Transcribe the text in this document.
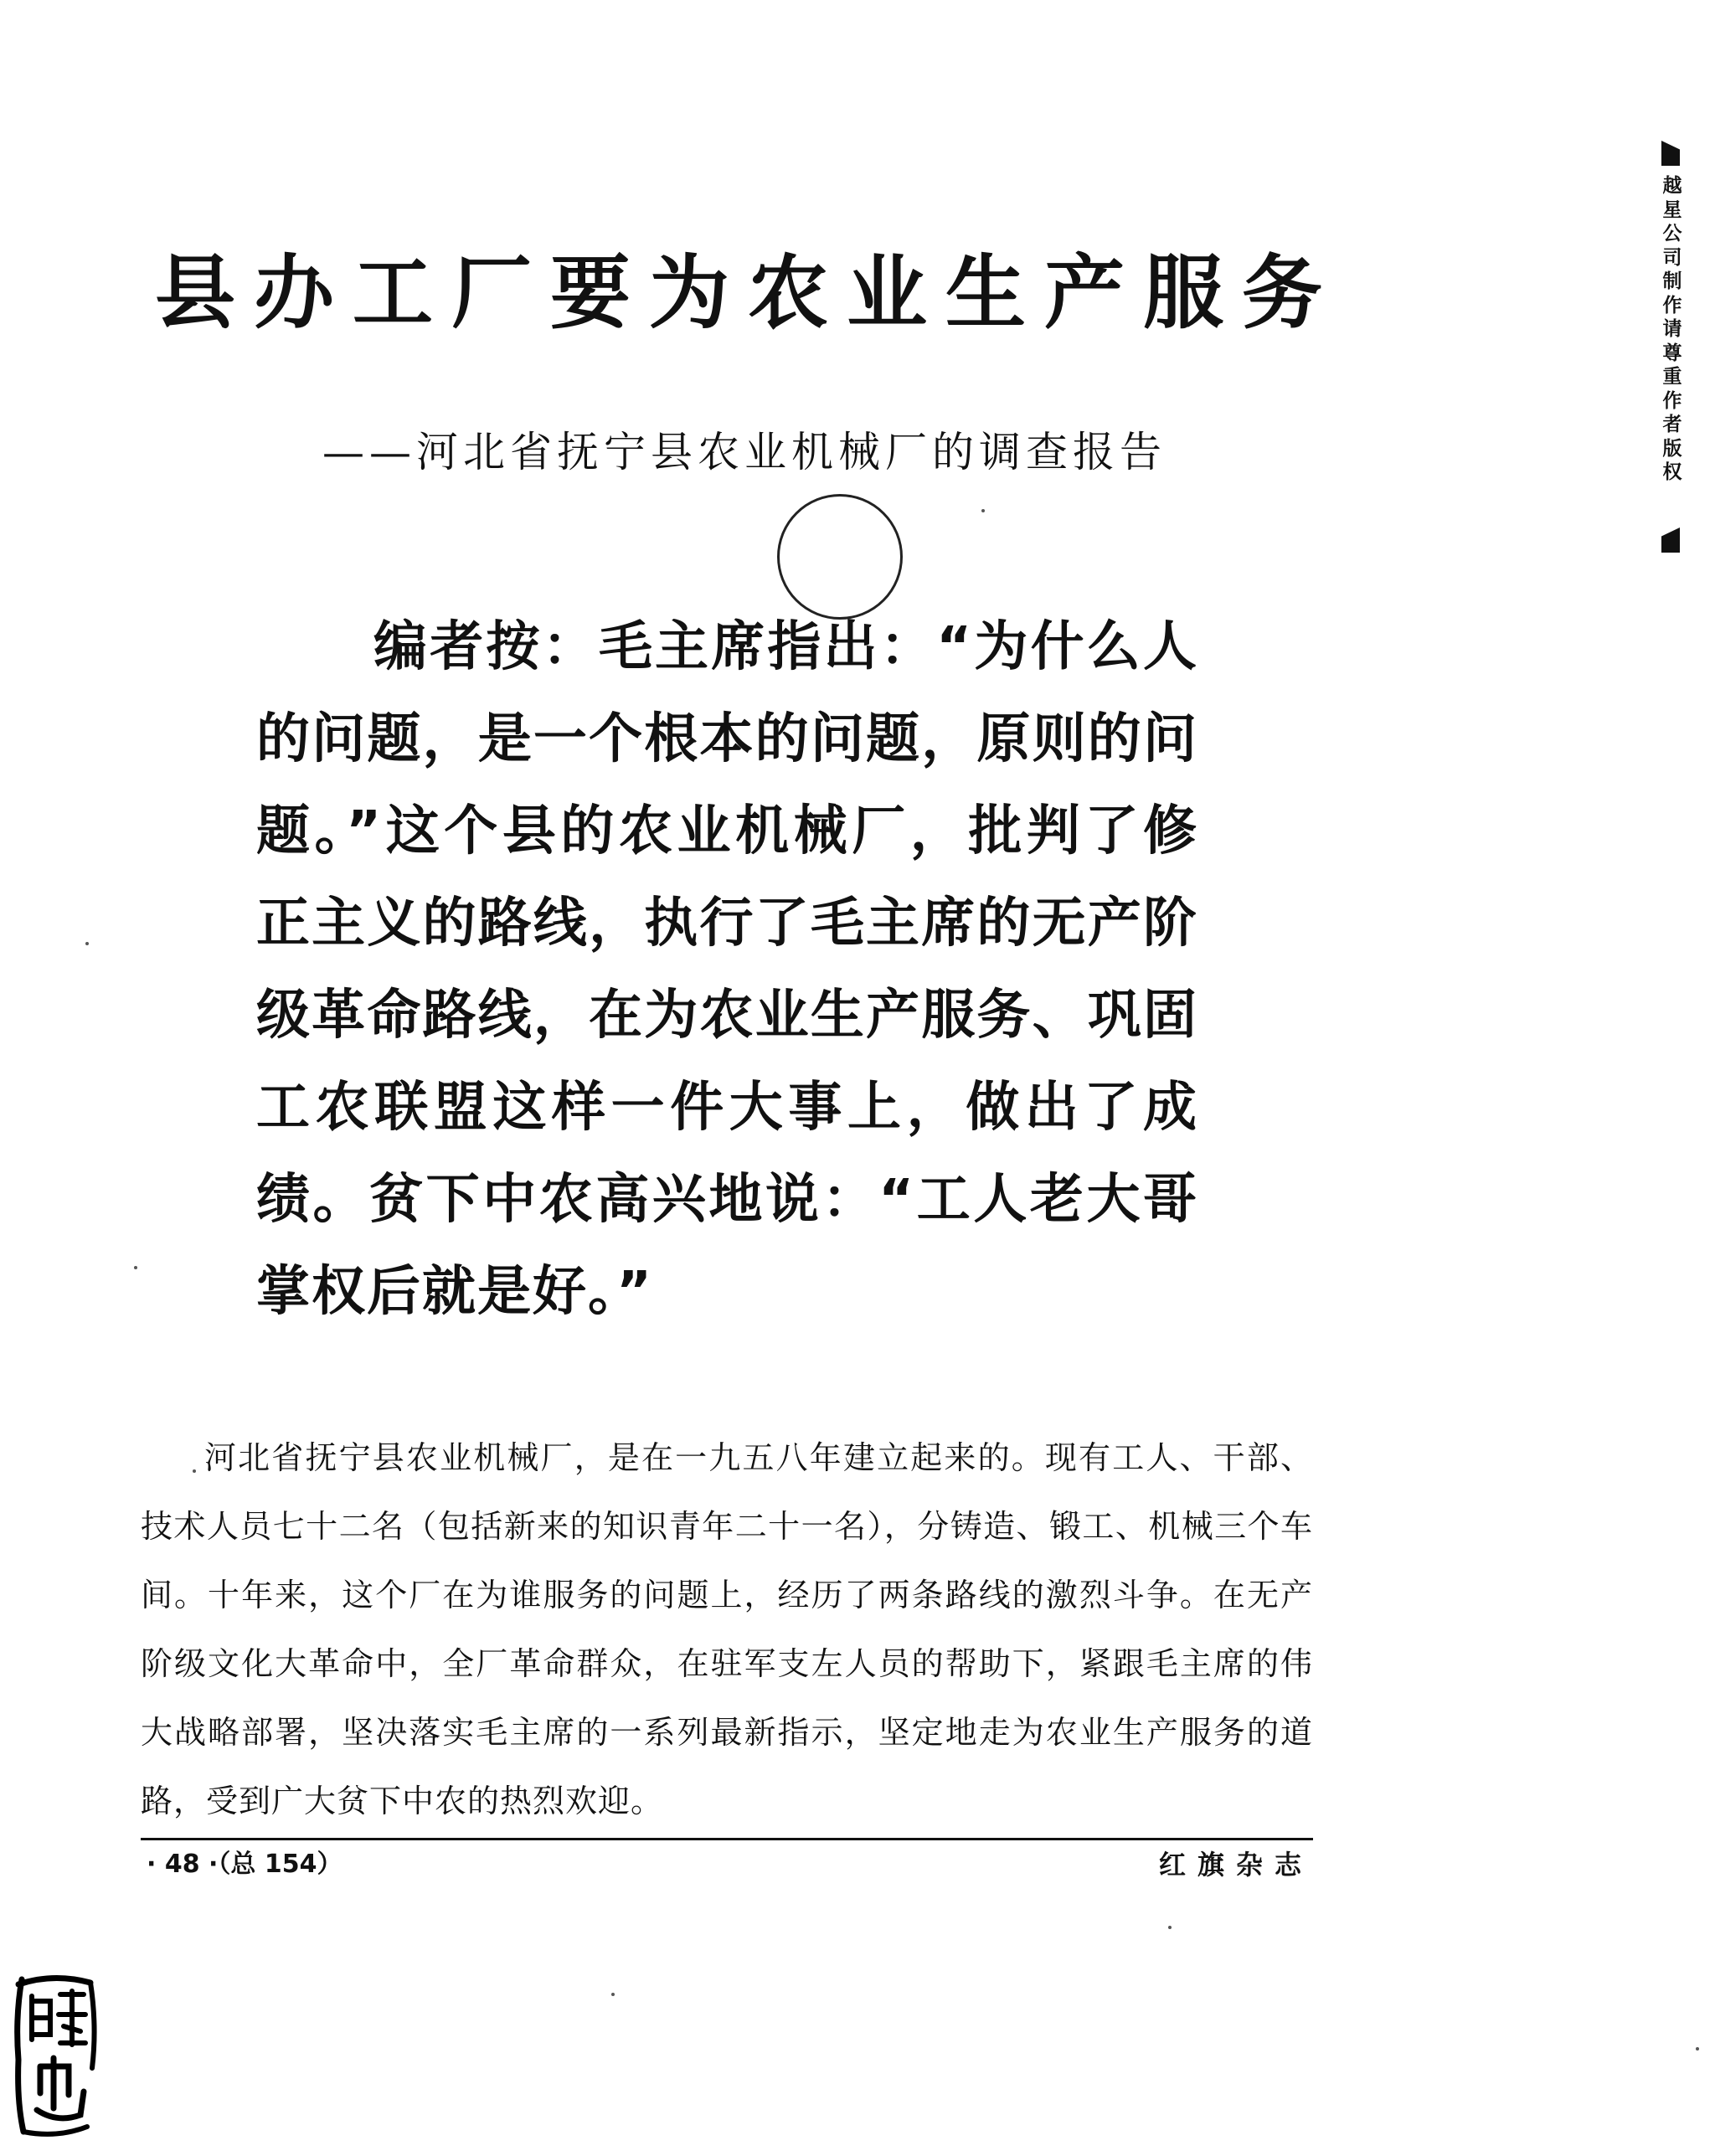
县办工厂要为农业生产服务
——河北省抚宁县农业机械厂的调查报告
编者按：毛主席指出：“为什么人的问题，是一个根本的问题，原则的问题。”这个县的农业机械厂，批判了修正主义的路线，执行了毛主席的无产阶级革命路线，在为农业生产服务、巩固工农联盟这样一件大事上，做出了成绩。贫下中农高兴地说：“工人老大哥掌权后就是好。”
河北省抚宁县农业机械厂，是在一九五八年建立起来的。现有工人、干部、技术人员七十二名（包括新来的知识青年二十一名），分铸造、锻工、机械三个车间。十年来，这个厂在为谁服务的问题上，经历了两条路线的激烈斗争。在无产阶级文化大革命中，全厂革命群众，在驻军支左人员的帮助下，紧跟毛主席的伟大战略部署，坚决落实毛主席的一系列最新指示，坚定地走为农业生产服务的道路，受到广大贫下中农的热烈欢迎。
· 48 ·（总 154）	红旗杂志
越星公司制作请尊重作者版权
